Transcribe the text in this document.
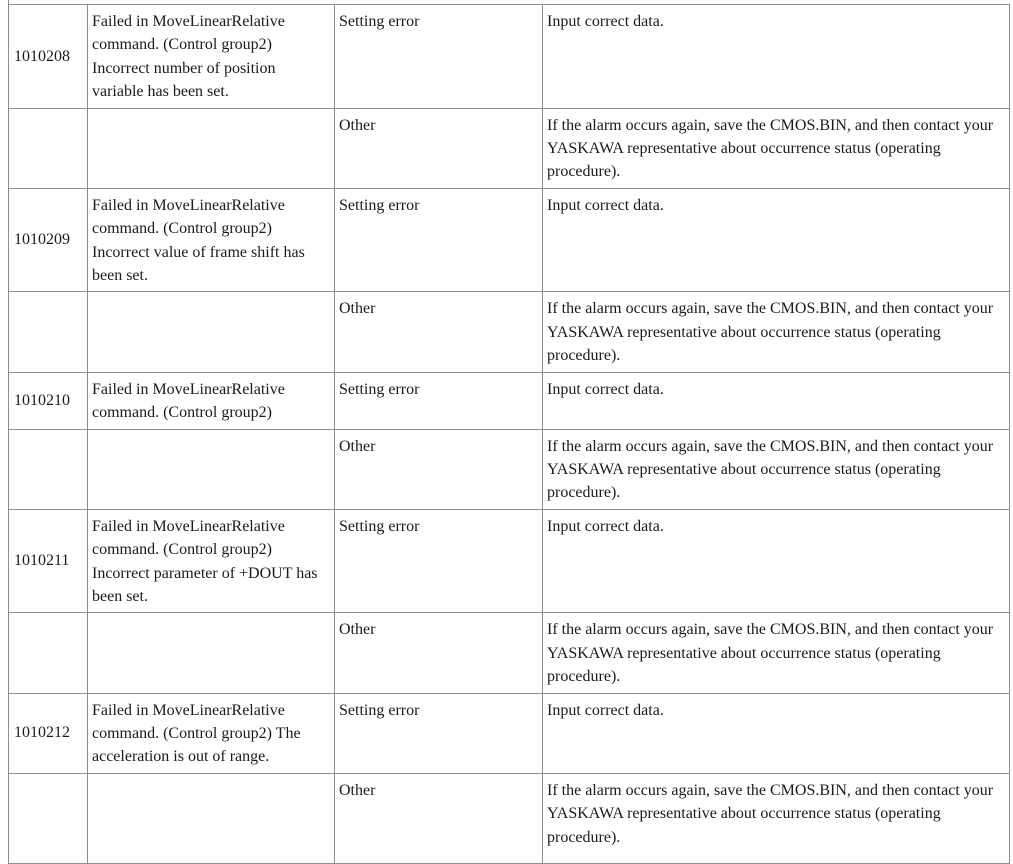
1010208	Failed in MoveLinearRelative command. (Control group2) Incorrect number of position variable has been set.	Setting error	Input correct data.
		Other	If the alarm occurs again, save the CMOS.BIN, and then contact your YASKAWA representative about occurrence status (operating procedure).
1010209	Failed in MoveLinearRelative command. (Control group2) Incorrect value of frame shift has been set.	Setting error	Input correct data.
		Other	If the alarm occurs again, save the CMOS.BIN, and then contact your YASKAWA representative about occurrence status (operating procedure).
1010210	Failed in MoveLinearRelative command. (Control group2)	Setting error	Input correct data.
		Other	If the alarm occurs again, save the CMOS.BIN, and then contact your YASKAWA representative about occurrence status (operating procedure).
1010211	Failed in MoveLinearRelative command. (Control group2) Incorrect parameter of +DOUT has been set.	Setting error	Input correct data.
		Other	If the alarm occurs again, save the CMOS.BIN, and then contact your YASKAWA representative about occurrence status (operating procedure).
1010212	Failed in MoveLinearRelative command. (Control group2) The acceleration is out of range.	Setting error	Input correct data.
		Other	If the alarm occurs again, save the CMOS.BIN, and then contact your YASKAWA representative about occurrence status (operating procedure).
